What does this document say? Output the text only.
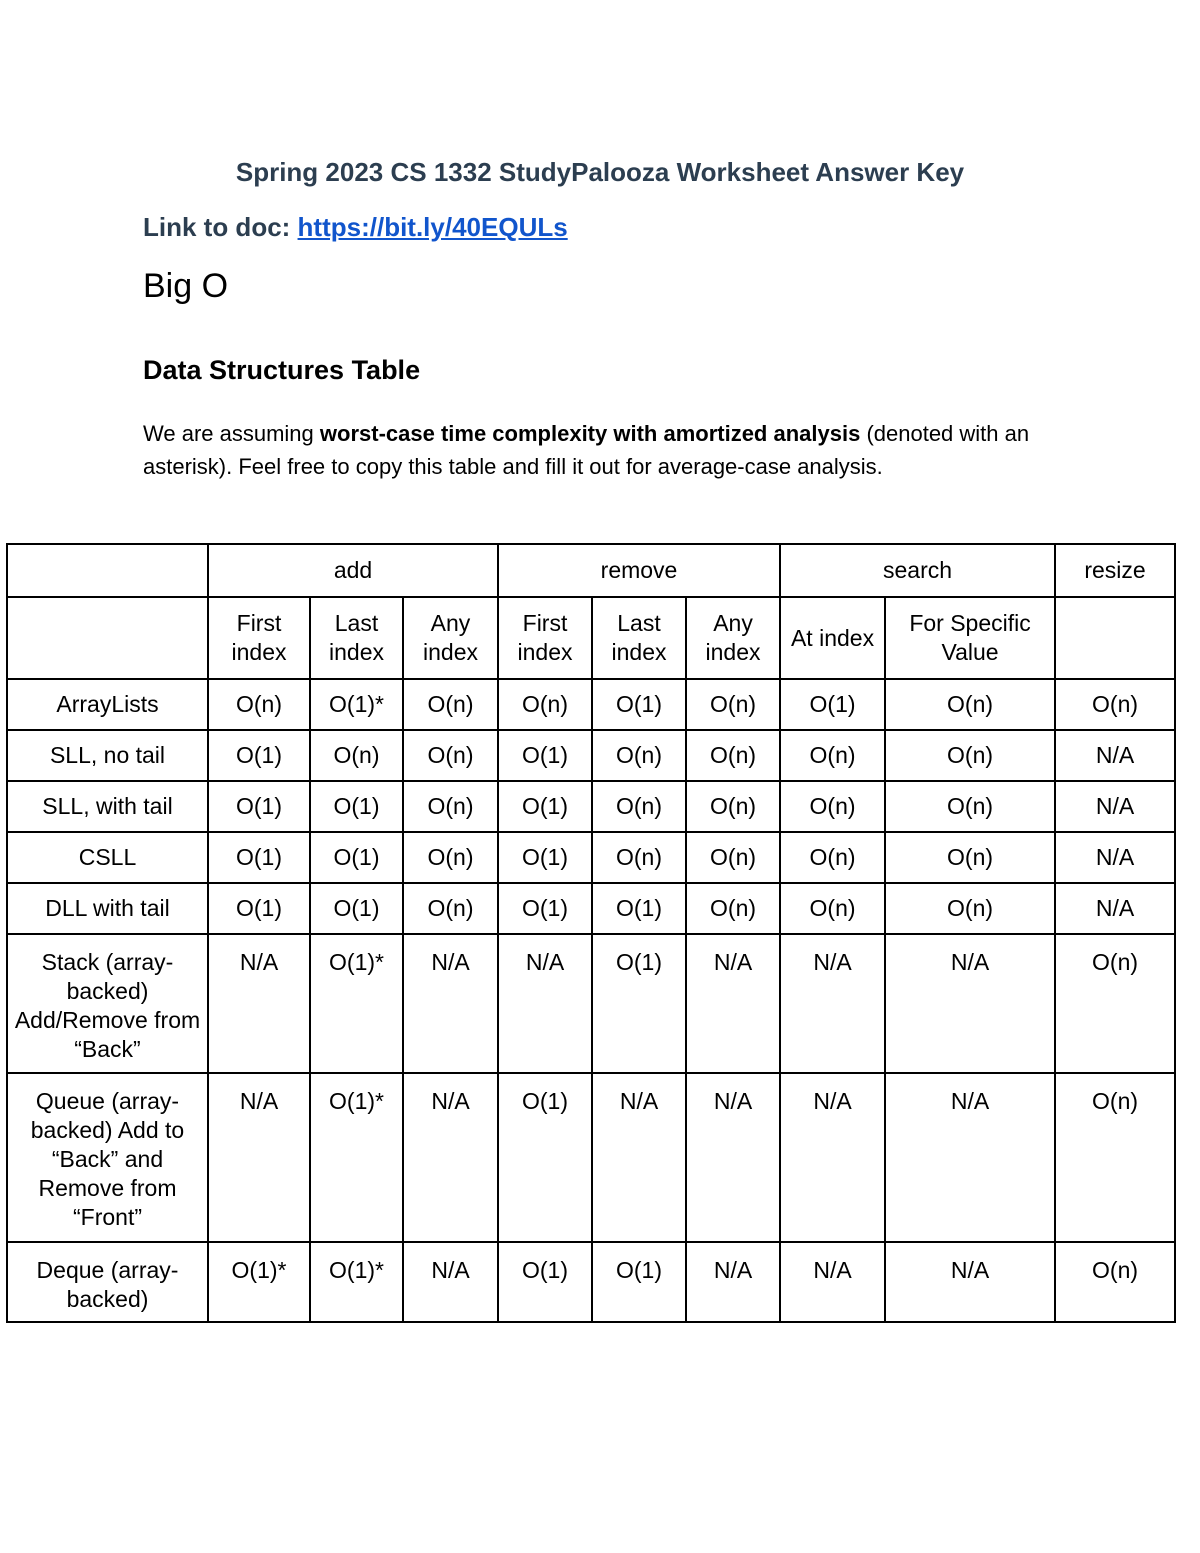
Spring 2023 CS 1332 StudyPalooza Worksheet Answer Key
Link to doc: https://bit.ly/40EQULs
Big O
Data Structures Table
We are assuming worst-case time complexity with amortized analysis (denoted with an asterisk). Feel free to copy this table and fill it out for average-case analysis.
	add			remove			search		resize
	First index	Last index	Any index	First index	Last index	Any index	At index	For Specific Value	
ArrayLists	O(n)	O(1)*	O(n)	O(n)	O(1)	O(n)	O(1)	O(n)	O(n)
SLL, no tail	O(1)	O(n)	O(n)	O(1)	O(n)	O(n)	O(n)	O(n)	N/A
SLL, with tail	O(1)	O(1)	O(n)	O(1)	O(n)	O(n)	O(n)	O(n)	N/A
CSLL	O(1)	O(1)	O(n)	O(1)	O(n)	O(n)	O(n)	O(n)	N/A
DLL with tail	O(1)	O(1)	O(n)	O(1)	O(1)	O(n)	O(n)	O(n)	N/A
Stack (array-backed) Add/Remove from “Back”	N/A	O(1)*	N/A	N/A	O(1)	N/A	N/A	N/A	O(n)
Queue (array-backed) Add to “Back” and Remove from “Front”	N/A	O(1)*	N/A	O(1)	N/A	N/A	N/A	N/A	O(n)
Deque (array-backed)	O(1)*	O(1)*	N/A	O(1)	O(1)	N/A	N/A	N/A	O(n)
